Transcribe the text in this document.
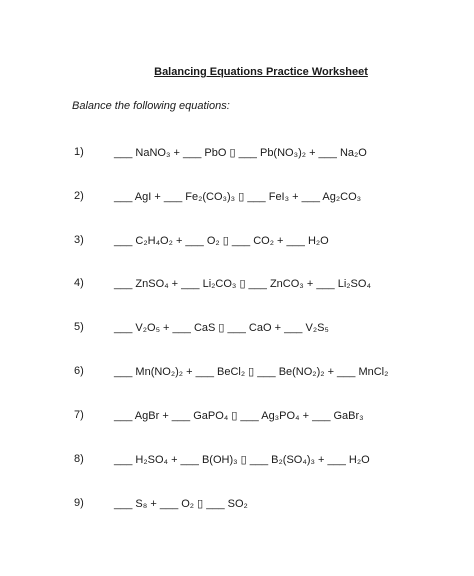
Balancing Equations Practice Worksheet
Balance the following equations:
1)	___ NaNO₃ + ___ PbO ▯ ___ Pb(NO₃)₂ + ___ Na₂O
2)	___ AgI + ___ Fe₂(CO₃)₃ ▯ ___ FeI₃ + ___ Ag₂CO₃
3)	___ C₂H₄O₂ + ___ O₂ ▯ ___ CO₂ + ___ H₂O
4)	___ ZnSO₄ + ___ Li₂CO₃ ▯ ___ ZnCO₃ + ___ Li₂SO₄
5)	___ V₂O₅ + ___ CaS ▯ ___ CaO + ___ V₂S₅
6)	___ Mn(NO₂)₂ + ___ BeCl₂ ▯ ___ Be(NO₂)₂ + ___ MnCl₂
7)	___ AgBr + ___ GaPO₄ ▯ ___ Ag₃PO₄ + ___ GaBr₃
8)	___ H₂SO₄ + ___ B(OH)₃ ▯ ___ B₂(SO₄)₃ + ___ H₂O
9)	___ S₈ + ___ O₂ ▯ ___ SO₂
